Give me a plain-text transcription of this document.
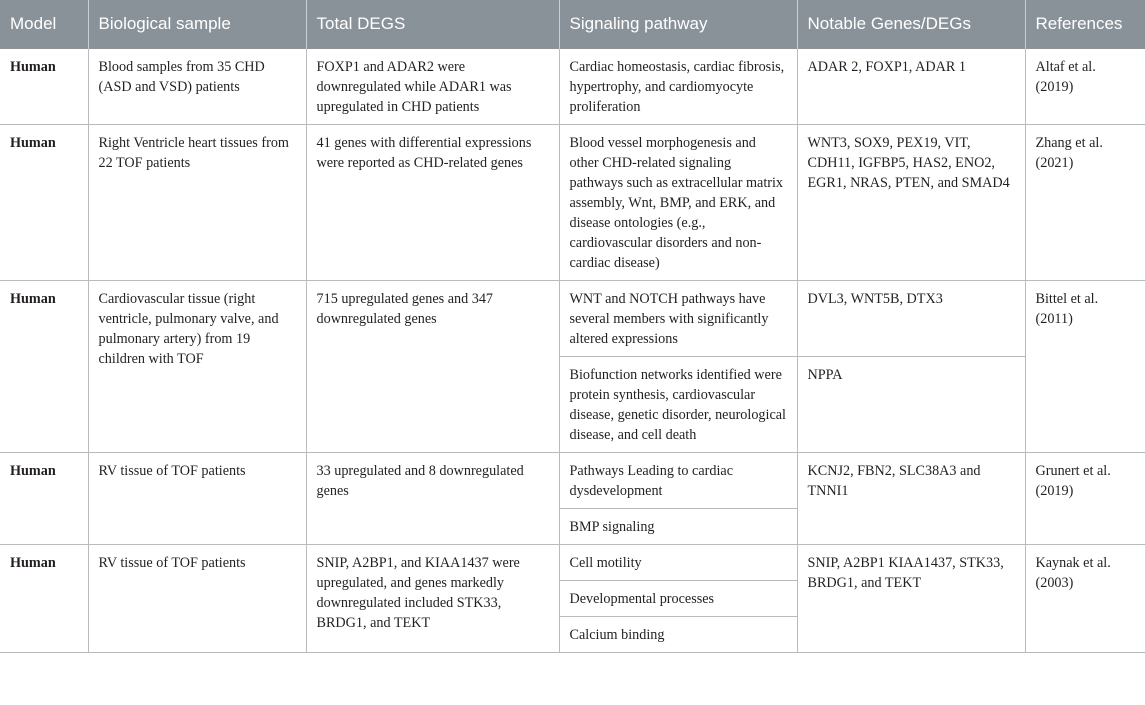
Model	Biological sample	Total DEGS	Signaling pathway	Notable Genes/DEGs	References
Human	Blood samples from 35 CHD (ASD and VSD) patients	FOXP1 and ADAR2 were downregulated while ADAR1 was upregulated in CHD patients	Cardiac homeostasis, cardiac fibrosis, hypertrophy, and cardiomyocyte proliferation	ADAR 2, FOXP1, ADAR 1	Altaf et al. (2019)
Human	Right Ventricle heart tissues from 22 TOF patients	41 genes with differential expressions were reported as CHD-related genes	Blood vessel morphogenesis and other CHD-related signaling pathways such as extracellular matrix assembly, Wnt, BMP, and ERK, and disease ontologies (e.g., cardiovascular disorders and non-cardiac disease)	WNT3, SOX9, PEX19, VIT, CDH11, IGFBP5, HAS2, ENO2, EGR1, NRAS, PTEN, and SMAD4	Zhang et al. (2021)
Human	Cardiovascular tissue (right ventricle, pulmonary valve, and pulmonary artery) from 19 children with TOF	715 upregulated genes and 347 downregulated genes	WNT and NOTCH pathways have several members with significantly altered expressions	DVL3, WNT5B, DTX3	Bittel et al. (2011)
			Biofunction networks identified were protein synthesis, cardiovascular disease, genetic disorder, neurological disease, and cell death	NPPA	
Human	RV tissue of TOF patients	33 upregulated and 8 downregulated genes	Pathways Leading to cardiac dysdevelopment	KCNJ2, FBN2, SLC38A3 and TNNI1	Grunert et al. (2019)
			BMP signaling		
Human	RV tissue of TOF patients	SNIP, A2BP1, and KIAA1437 were upregulated, and genes markedly downregulated included STK33, BRDG1, and TEKT	Cell motility	SNIP, A2BP1 KIAA1437, STK33, BRDG1, and TEKT	Kaynak et al. (2003)
			Developmental processes		
			Calcium binding		
